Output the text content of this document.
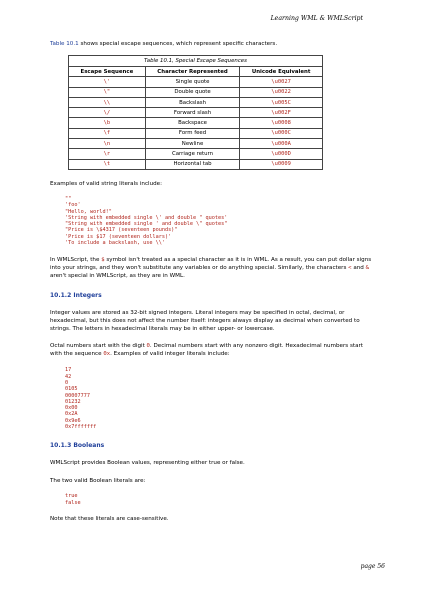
Learning WML & WMLScript

Table 10.1 shows special escape sequences, which represent specific characters.

Table 10.1, Special Escape Sequences
Escape Sequence	Character Represented	Unicode Equivalent
\'	Single quote	\u0027
\"	Double quote	\u0022
\\	Backslash	\u005C
\/	Forward slash	\u002F
\b	Backspace	\u0008
\f	Form feed	\u000C
\n	Newline	\u000A
\r	Carriage return	\u000D
\t	Horizontal tab	\u0009

Examples of valid string literals include:

""
'foo'
"Hello, world!"
'String with embedded single \' and double " quotes'
"String with embedded single ' and double \" quotes"
"Price is \$4317 (seventeen pounds)"
'Price is $17 (seventeen dollars)'
'To include a backslash, use \\'

In WMLScript, the $ symbol isn't treated as a special character as it is in WML. As a result, you can put dollar signs into your strings, and they won't substitute any variables or do anything special. Similarly, the characters < and & aren't special in WMLScript, as they are in WML.

10.1.2 Integers

Integer values are stored as 32-bit signed integers. Literal integers may be specified in octal, decimal, or hexadecimal, but this does not affect the number itself: integers always display as decimal when converted to strings. The letters in hexadecimal literals may be in either upper- or lowercase.

Octal numbers start with the digit 0. Decimal numbers start with any nonzero digit. Hexadecimal numbers start with the sequence 0x. Examples of valid integer literals include:

17
42
0
0105
00007777
01232
0x00
0x2A
0x9e6
0x7fffffff
10.1.3 Booleans

WMLScript provides Boolean values, representing either true or false.

The two valid Boolean literals are:

true
false

Note that these literals are case-sensitive.

page 56
